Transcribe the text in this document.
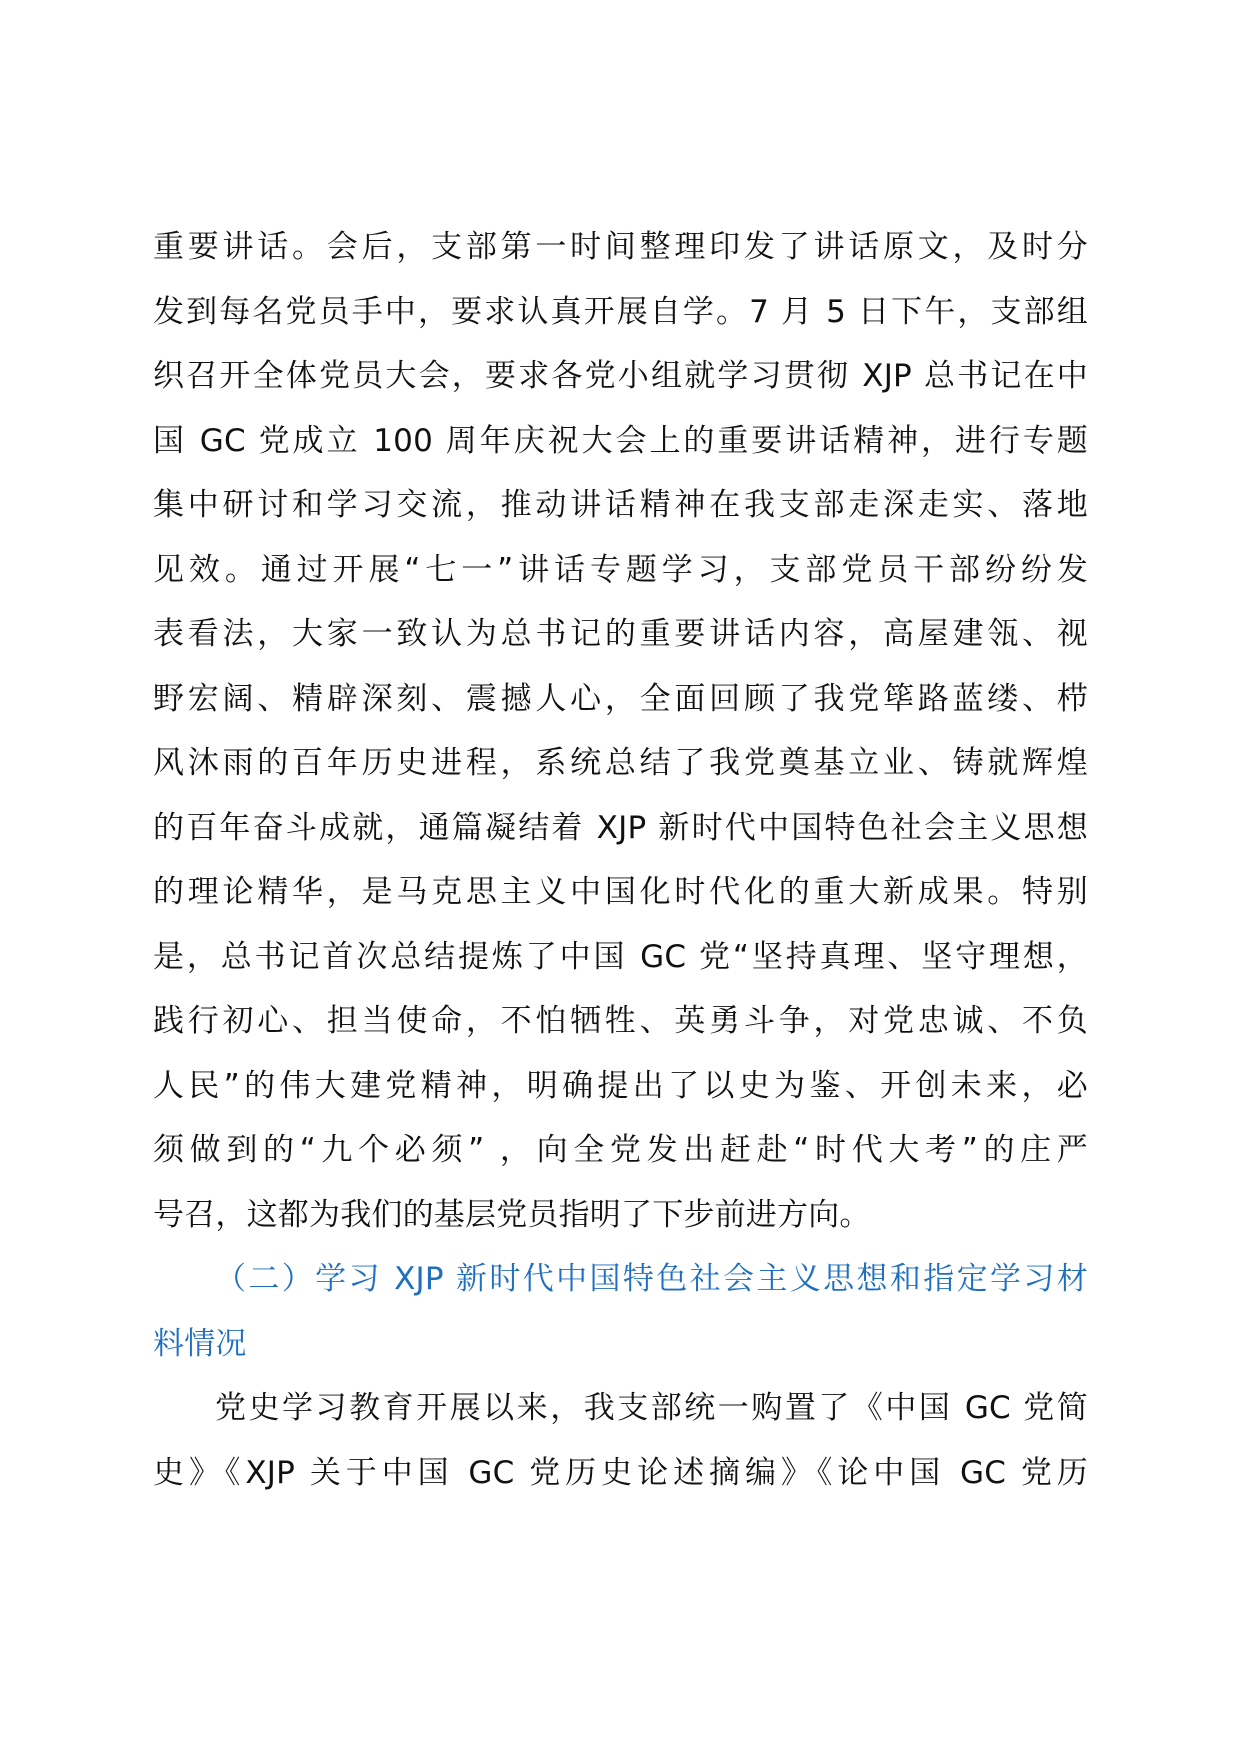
重要讲话。会后，支部第一时间整理印发了讲话原文，及时分
发到每名党员手中，要求认真开展自学。7 月 5 日下午，支部组
织召开全体党员大会，要求各党小组就学习贯彻 XJP 总书记在中
国 GC 党成立 100 周年庆祝大会上的重要讲话精神，进行专题
集中研讨和学习交流，推动讲话精神在我支部走深走实、落地
见效。通过开展“七一”讲话专题学习，支部党员干部纷纷发
表看法，大家一致认为总书记的重要讲话内容，高屋建瓴、视
野宏阔、精辟深刻、震撼人心，全面回顾了我党筚路蓝缕、栉
风沐雨的百年历史进程，系统总结了我党奠基立业、铸就辉煌
的百年奋斗成就，通篇凝结着 XJP 新时代中国特色社会主义思想
的理论精华，是马克思主义中国化时代化的重大新成果。特别
是，总书记首次总结提炼了中国 GC 党“坚持真理、坚守理想，
践行初心、担当使命，不怕牺牲、英勇斗争，对党忠诚、不负
人民”的伟大建党精神，明确提出了以史为鉴、开创未来，必
须做到的“九个必须” ，向全党发出赶赴“时代大考”的庄严
号召，这都为我们的基层党员指明了下步前进方向。
（二）学习 XJP 新时代中国特色社会主义思想和指定学习材
料情况
党史学习教育开展以来，我支部统一购置了《中国 GC 党简
史》《XJP 关于中国 GC 党历史论述摘编》《论中国 GC 党历
